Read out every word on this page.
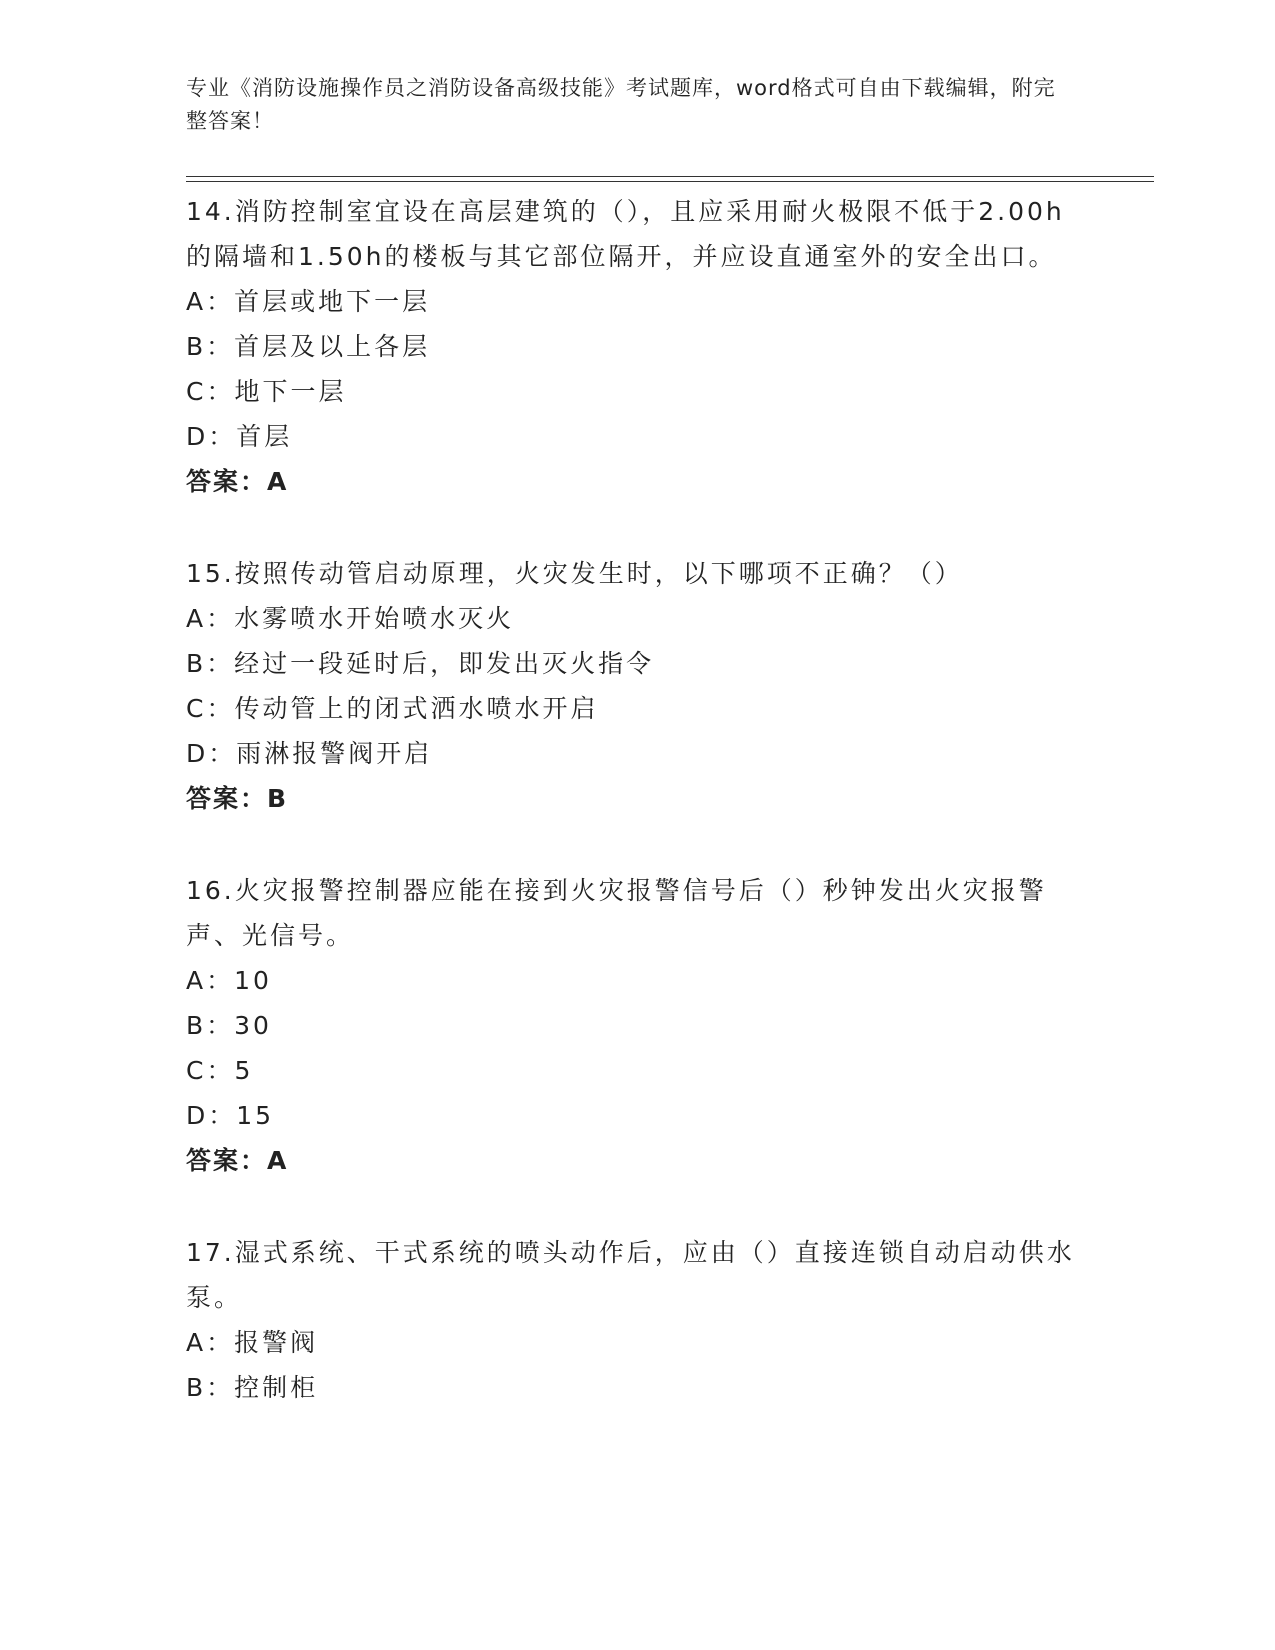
专业《消防设施操作员之消防设备高级技能》考试题库，word格式可自由下载编辑，附完整答案！

14.消防控制室宜设在高层建筑的（），且应采用耐火极限不低于2.00h的隔墙和1.50h的楼板与其它部位隔开，并应设直通室外的安全出口。

A：首层或地下一层

B：首层及以上各层

C：地下一层

D：首层

答案：A

15.按照传动管启动原理，火灾发生时，以下哪项不正确？（）

A：水雾喷水开始喷水灭火

B：经过一段延时后，即发出灭火指令

C：传动管上的闭式洒水喷水开启

D：雨淋报警阀开启

答案：B

16.火灾报警控制器应能在接到火灾报警信号后（）秒钟发出火灾报警声、光信号。

A：10

B：30

C：5

D：15

答案：A

17.湿式系统、干式系统的喷头动作后，应由（）直接连锁自动启动供水泵。

A：报警阀

B：控制柜
